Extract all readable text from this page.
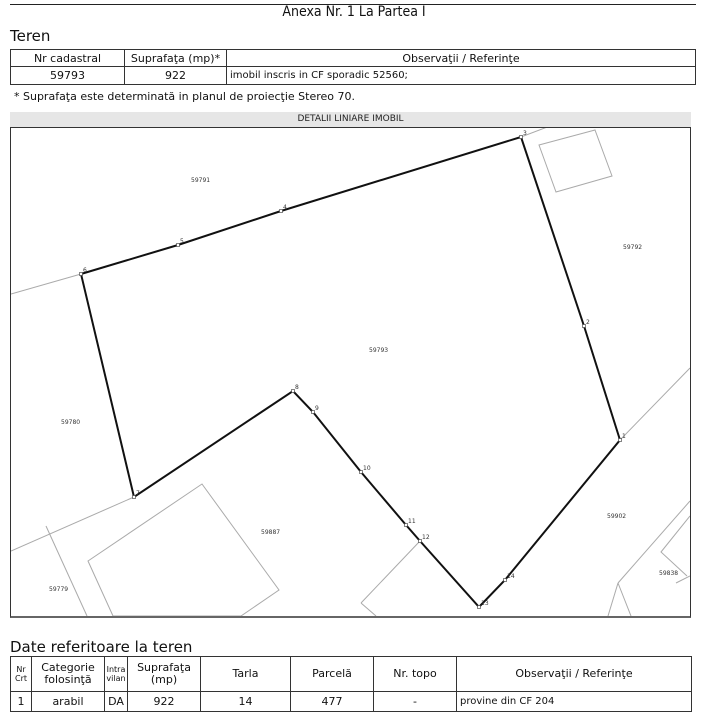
Anexa Nr. 1 La Partea I
Teren
Nr cadastral	Suprafaţa (mp)*	Observaţii / Referinţe
59793	922	imobil inscris in CF sporadic 52560;
* Suprafaţa este determinată in planul de proiecţie Stereo 70.
DETALII LINIARE IMOBIL
59791
59792
59793
59780
59887
59902
59838
59779
1
2
3
4
5
6
7
8
9
10
11
12
13
14
Date referitoare la teren
Nr Crt	Categorie folosinţă	Intra vilan	Suprafaţa (mp)	Tarla	Parcelă	Nr. topo	Observaţii / Referinţe
1	arabil	DA	922	14	477	-	provine din CF 204
